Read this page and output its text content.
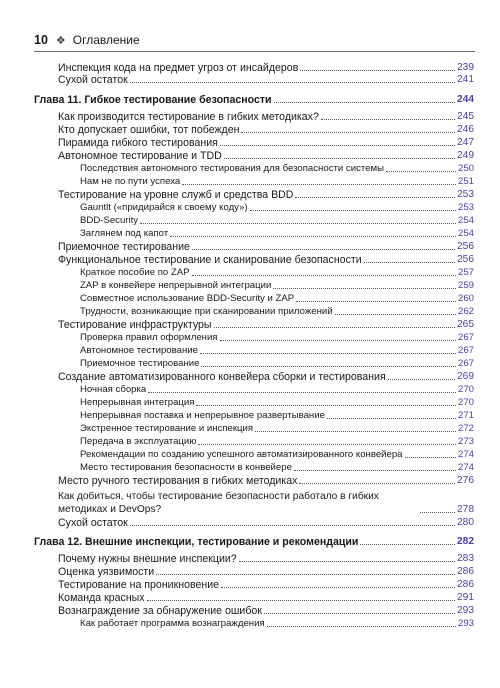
10 ❖ Оглавление
Инспекция кода на предмет угроз от инсайдеров	239
Сухой остаток	241
Глава 11. Гибкое тестирование безопасности	244
Как производится тестирование в гибких методиках?	245
Кто допускает ошибки, тот побежден	246
Пирамида гибкого тестирования	247
Автономное тестирование и TDD	249
Последствия автономного тестирования для безопасности системы	250
Нам не по пути успеха	251
Тестирование на уровне служб и средства BDD	253
Gauntlt («придирайся к своему коду»)	253
BDD-Security	254
Заглянем под капот	254
Приемочное тестирование	256
Функциональное тестирование и сканирование безопасности	256
Краткое пособие по ZAP	257
ZAP в конвейере непрерывной интеграции	259
Совместное использование BDD-Security и ZAP	260
Трудности, возникающие при сканировании приложений	262
Тестирование инфраструктуры	265
Проверка правил оформления	267
Автономное тестирование	267
Приемочное тестирование	267
Создание автоматизированного конвейера сборки и тестирования	269
Ночная сборка	270
Непрерывная интеграция	270
Непрерывная поставка и непрерывное развертывание	271
Экстренное тестирование и инспекция	272
Передача в эксплуатацию	273
Рекомендации по созданию успешного автоматизированного конвейера	274
Место тестирования безопасности в конвейере	274
Место ручного тестирования в гибких методиках	276
Как добиться, чтобы тестирование безопасности работало в гибких методиках и DevOps?	278
Сухой остаток	280
Глава 12. Внешние инспекции, тестирование и рекомендации	282
Почему нужны внешние инспекции?	283
Оценка уязвимости	286
Тестирование на проникновение	286
Команда красных	291
Вознаграждение за обнаружение ошибок	293
Как работает программа вознаграждения	293
